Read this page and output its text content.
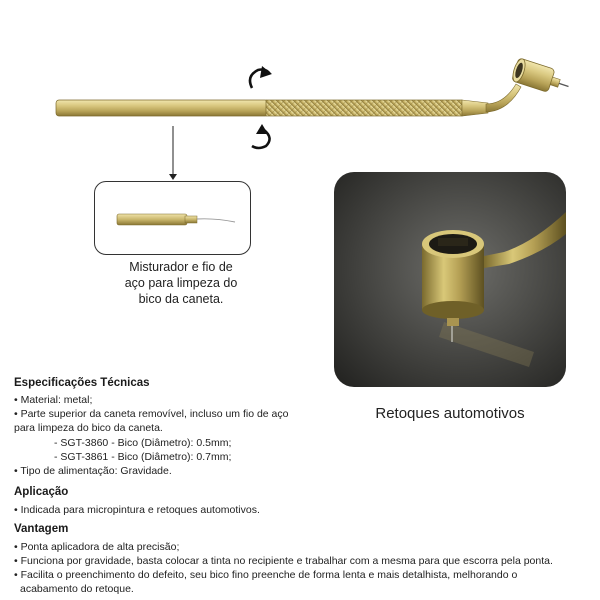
Misturador e fio de
aço para limpeza do
bico da caneta.
Retoques automotivos
Especificações Técnicas
• Material: metal;
• Parte superior da caneta removível, incluso um fio de aço
para limpeza do bico da caneta.
- SGT-3860 - Bico (Diâmetro): 0.5mm;
- SGT-3861 - Bico (Diâmetro): 0.7mm;
• Tipo de alimentação: Gravidade.
Aplicação
• Indicada para micropintura e retoques automotivos.
Vantagem
• Ponta aplicadora de alta precisão;
• Funciona por gravidade, basta colocar a tinta no recipiente e trabalhar com a mesma para que escorra pela ponta.
• Facilita o preenchimento do defeito, seu bico fino preenche de forma lenta e mais detalhista, melhorando o
acabamento do retoque.
